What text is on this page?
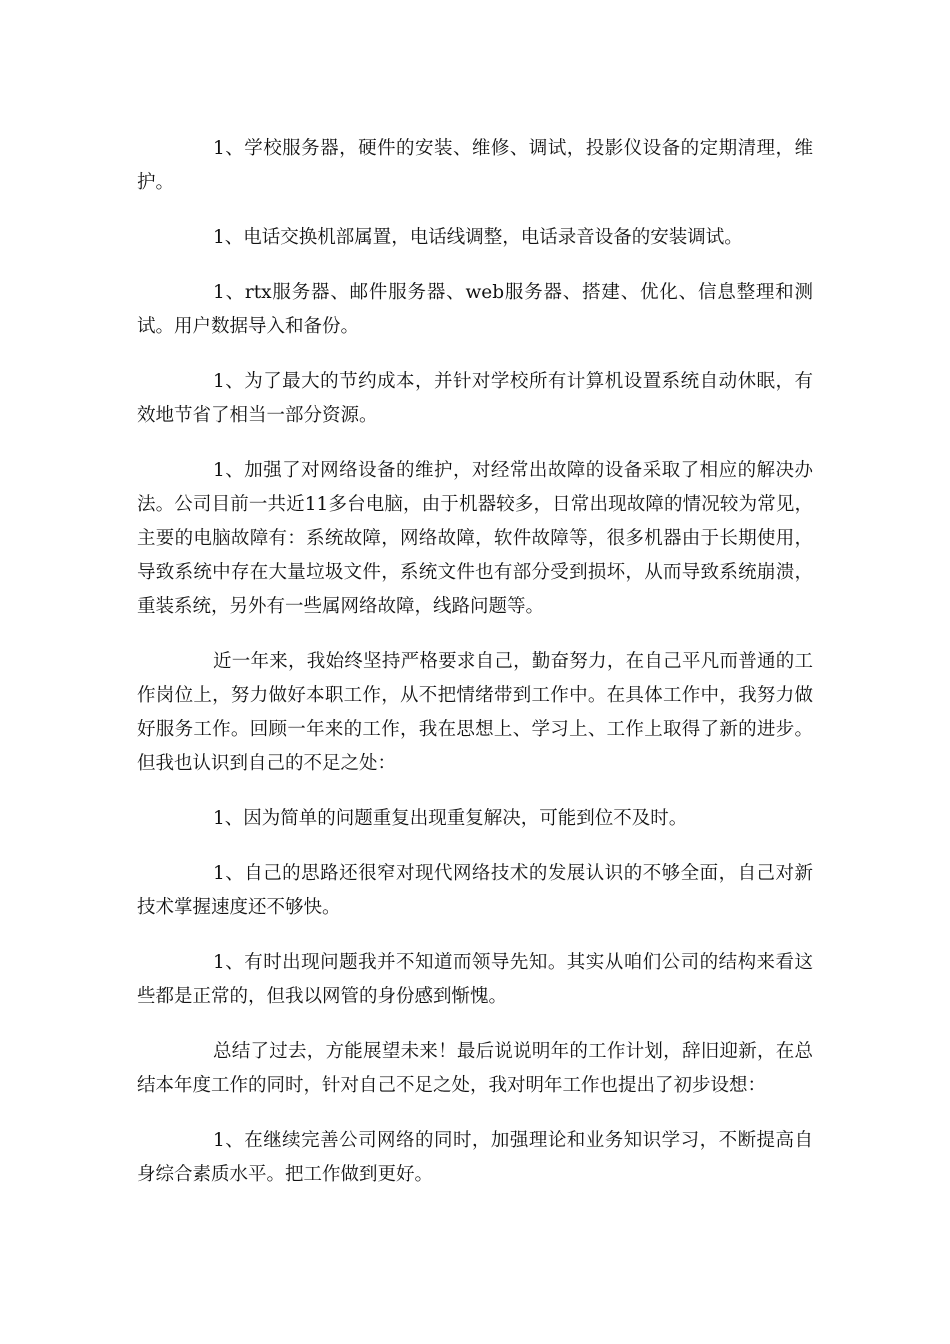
1、学校服务器，硬件的安装、维修、调试，投影仪设备的定期清理，维护。

1、电话交换机部属置，电话线调整，电话录音设备的安装调试。

1、rtx服务器、邮件服务器、web服务器、搭建、优化、信息整理和测试。用户数据导入和备份。

1、为了最大的节约成本，并针对学校所有计算机设置系统自动休眠，有效地节省了相当一部分资源。

1、加强了对网络设备的维护，对经常出故障的设备采取了相应的解决办法。公司目前一共近11多台电脑，由于机器较多，日常出现故障的情况较为常见，主要的电脑故障有：系统故障，网络故障，软件故障等，很多机器由于长期使用，导致系统中存在大量垃圾文件，系统文件也有部分受到损坏，从而导致系统崩溃，重装系统，另外有一些属网络故障，线路问题等。

近一年来，我始终坚持严格要求自己，勤奋努力，在自己平凡而普通的工作岗位上，努力做好本职工作，从不把情绪带到工作中。在具体工作中，我努力做好服务工作。回顾一年来的工作，我在思想上、学习上、工作上取得了新的进步。但我也认识到自己的不足之处：

1、因为简单的问题重复出现重复解决，可能到位不及时。

1、自己的思路还很窄对现代网络技术的发展认识的不够全面，自己对新技术掌握速度还不够快。

1、有时出现问题我并不知道而领导先知。其实从咱们公司的结构来看这些都是正常的，但我以网管的身份感到惭愧。

总结了过去，方能展望未来！最后说说明年的工作计划，辞旧迎新，在总结本年度工作的同时，针对自己不足之处，我对明年工作也提出了初步设想：

1、在继续完善公司网络的同时，加强理论和业务知识学习，不断提高自身综合素质水平。把工作做到更好。
